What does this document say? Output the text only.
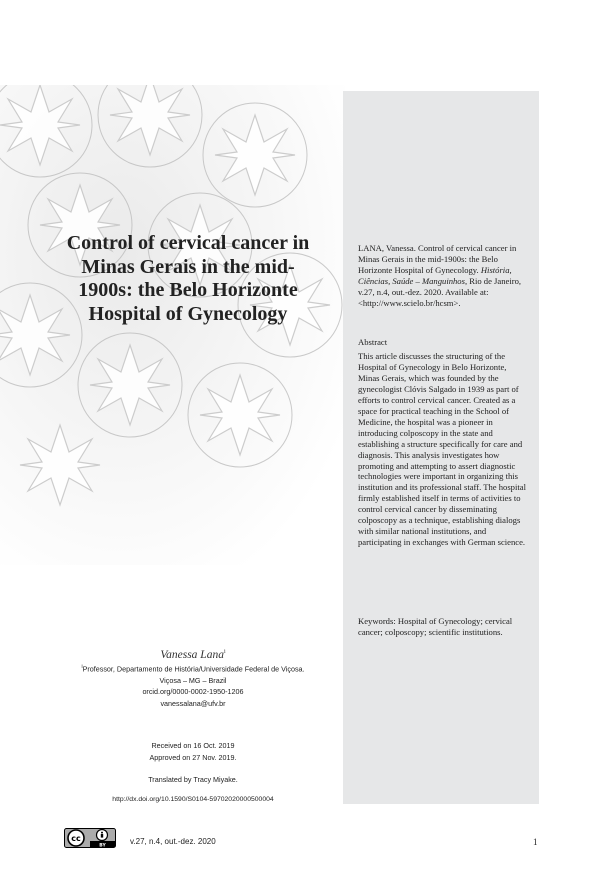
Control of cervical cancer in Minas Gerais in the mid-1900s: the Belo Horizonte Hospital of Gynecology
LANA, Vanessa. Control of cervical cancer in Minas Gerais in the mid-1900s: the Belo Horizonte Hospital of Gynecology. História, Ciências, Saúde – Manguinhos, Rio de Janeiro, v.27, n.4, out.-dez. 2020. Available at: <http://www.scielo.br/hcsm>.
Abstract
This article discusses the structuring of the Hospital of Gynecology in Belo Horizonte, Minas Gerais, which was founded by the gynecologist Clóvis Salgado in 1939 as part of efforts to control cervical cancer. Created as a space for practical teaching in the School of Medicine, the hospital was a pioneer in introducing colposcopy in the state and establishing a structure specifically for care and diagnosis. This analysis investigates how promoting and attempting to assert diagnostic technologies were important in organizing this institution and its professional staff. The hospital firmly established itself in terms of activities to control cervical cancer by disseminating colposcopy as a technique, establishing dialogs with similar national institutions, and participating in exchanges with German science.
Keywords: Hospital of Gynecology; cervical cancer; colposcopy; scientific institutions.
Vanessa Lana$^i$
$^i$Professor, Departamento de História/Universidade Federal de Viçosa.
Viçosa – MG – Brazil
orcid.org/0000-0002-1950-1206
vanessalana@ufv.br
Received on 16 Oct. 2019
Approved on 27 Nov. 2019.
Translated by Tracy Miyake.
http://dx.doi.org/10.1590/S0104-59702020000500004
cc
BY	v.27, n.4, out.-dez. 2020	1
